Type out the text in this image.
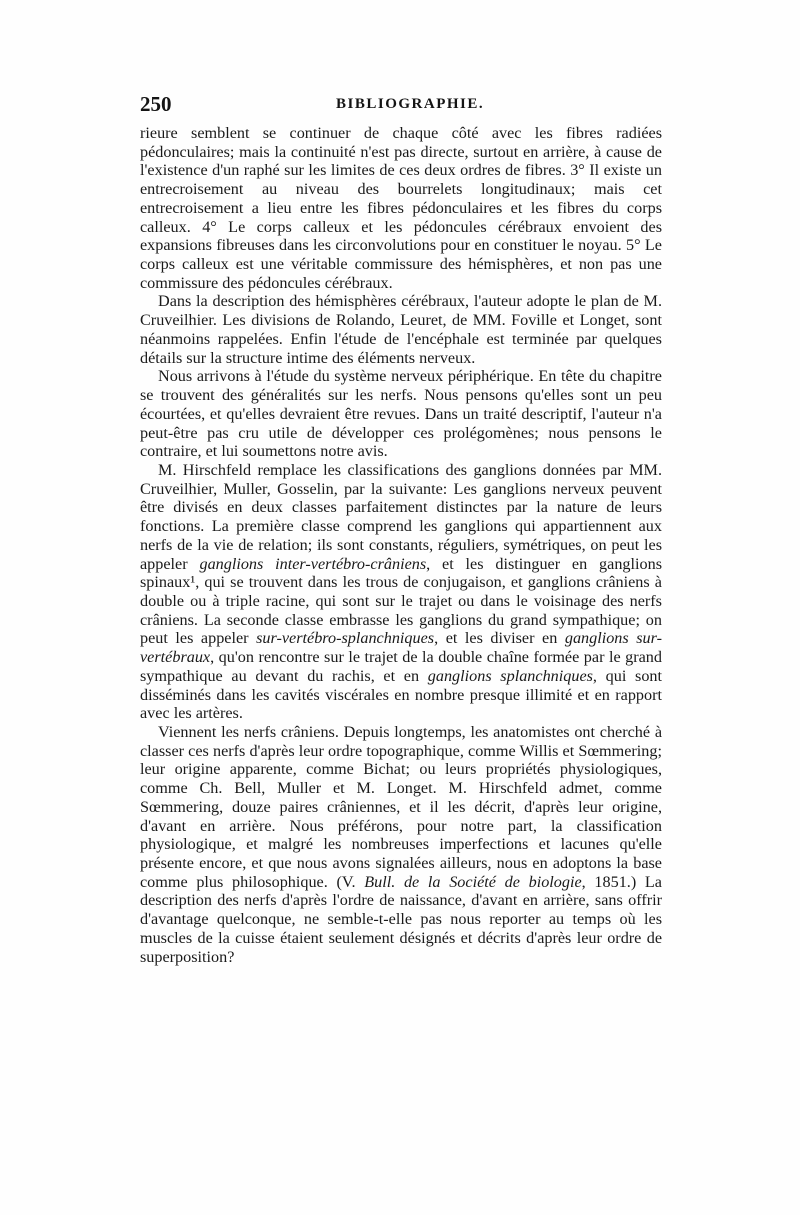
250	BIBLIOGRAPHIE.

rieure semblent se continuer de chaque côté avec les fibres radiées pédonculaires; mais la continuité n'est pas directe, surtout en arrière, à cause de l'existence d'un raphé sur les limites de ces deux ordres de fibres. 3° Il existe un entrecroisement au niveau des bourrelets longitudinaux; mais cet entrecroisement a lieu entre les fibres pédonculaires et les fibres du corps calleux. 4° Le corps calleux et les pédoncules cérébraux envoient des expansions fibreuses dans les circonvolutions pour en constituer le noyau. 5° Le corps calleux est une véritable commissure des hémisphères, et non pas une commissure des pédoncules cérébraux.

Dans la description des hémisphères cérébraux, l'auteur adopte le plan de M. Cruveilhier. Les divisions de Rolando, Leuret, de MM. Foville et Longet, sont néanmoins rappelées. Enfin l'étude de l'encéphale est terminée par quelques détails sur la structure intime des éléments nerveux.

Nous arrivons à l'étude du système nerveux périphérique. En tête du chapitre se trouvent des généralités sur les nerfs. Nous pensons qu'elles sont un peu écourtées, et qu'elles devraient être revues. Dans un traité descriptif, l'auteur n'a peut-être pas cru utile de développer ces prolégomènes; nous pensons le contraire, et lui soumettons notre avis.

M. Hirschfeld remplace les classifications des ganglions données par MM. Cruveilhier, Muller, Gosselin, par la suivante: Les ganglions nerveux peuvent être divisés en deux classes parfaitement distinctes par la nature de leurs fonctions. La première classe comprend les ganglions qui appartiennent aux nerfs de la vie de relation; ils sont constants, réguliers, symétriques, on peut les appeler ganglions inter-vertébro-crâniens, et les distinguer en ganglions spinaux¹, qui se trouvent dans les trous de conjugaison, et ganglions crâniens à double ou à triple racine, qui sont sur le trajet ou dans le voisinage des nerfs crâniens. La seconde classe embrasse les ganglions du grand sympathique; on peut les appeler sur-vertébro-splanchniques, et les diviser en ganglions sur-vertébraux, qu'on rencontre sur le trajet de la double chaîne formée par le grand sympathique au devant du rachis, et en ganglions splanchniques, qui sont disséminés dans les cavités viscérales en nombre presque illimité et en rapport avec les artères.

Viennent les nerfs crâniens. Depuis longtemps, les anatomistes ont cherché à classer ces nerfs d'après leur ordre topographique, comme Willis et Sœmmering; leur origine apparente, comme Bichat; ou leurs propriétés physiologiques, comme Ch. Bell, Muller et M. Longet. M. Hirschfeld admet, comme Sœmmering, douze paires crâniennes, et il les décrit, d'après leur origine, d'avant en arrière. Nous préférons, pour notre part, la classification physiologique, et malgré les nombreuses imperfections et lacunes qu'elle présente encore, et que nous avons signalées ailleurs, nous en adoptons la base comme plus philosophique. (V. Bull. de la Société de biologie, 1851.) La description des nerfs d'après l'ordre de naissance, d'avant en arrière, sans offrir d'avantage quelconque, ne semble-t-elle pas nous reporter au temps où les muscles de la cuisse étaient seulement désignés et décrits d'après leur ordre de superposition?
